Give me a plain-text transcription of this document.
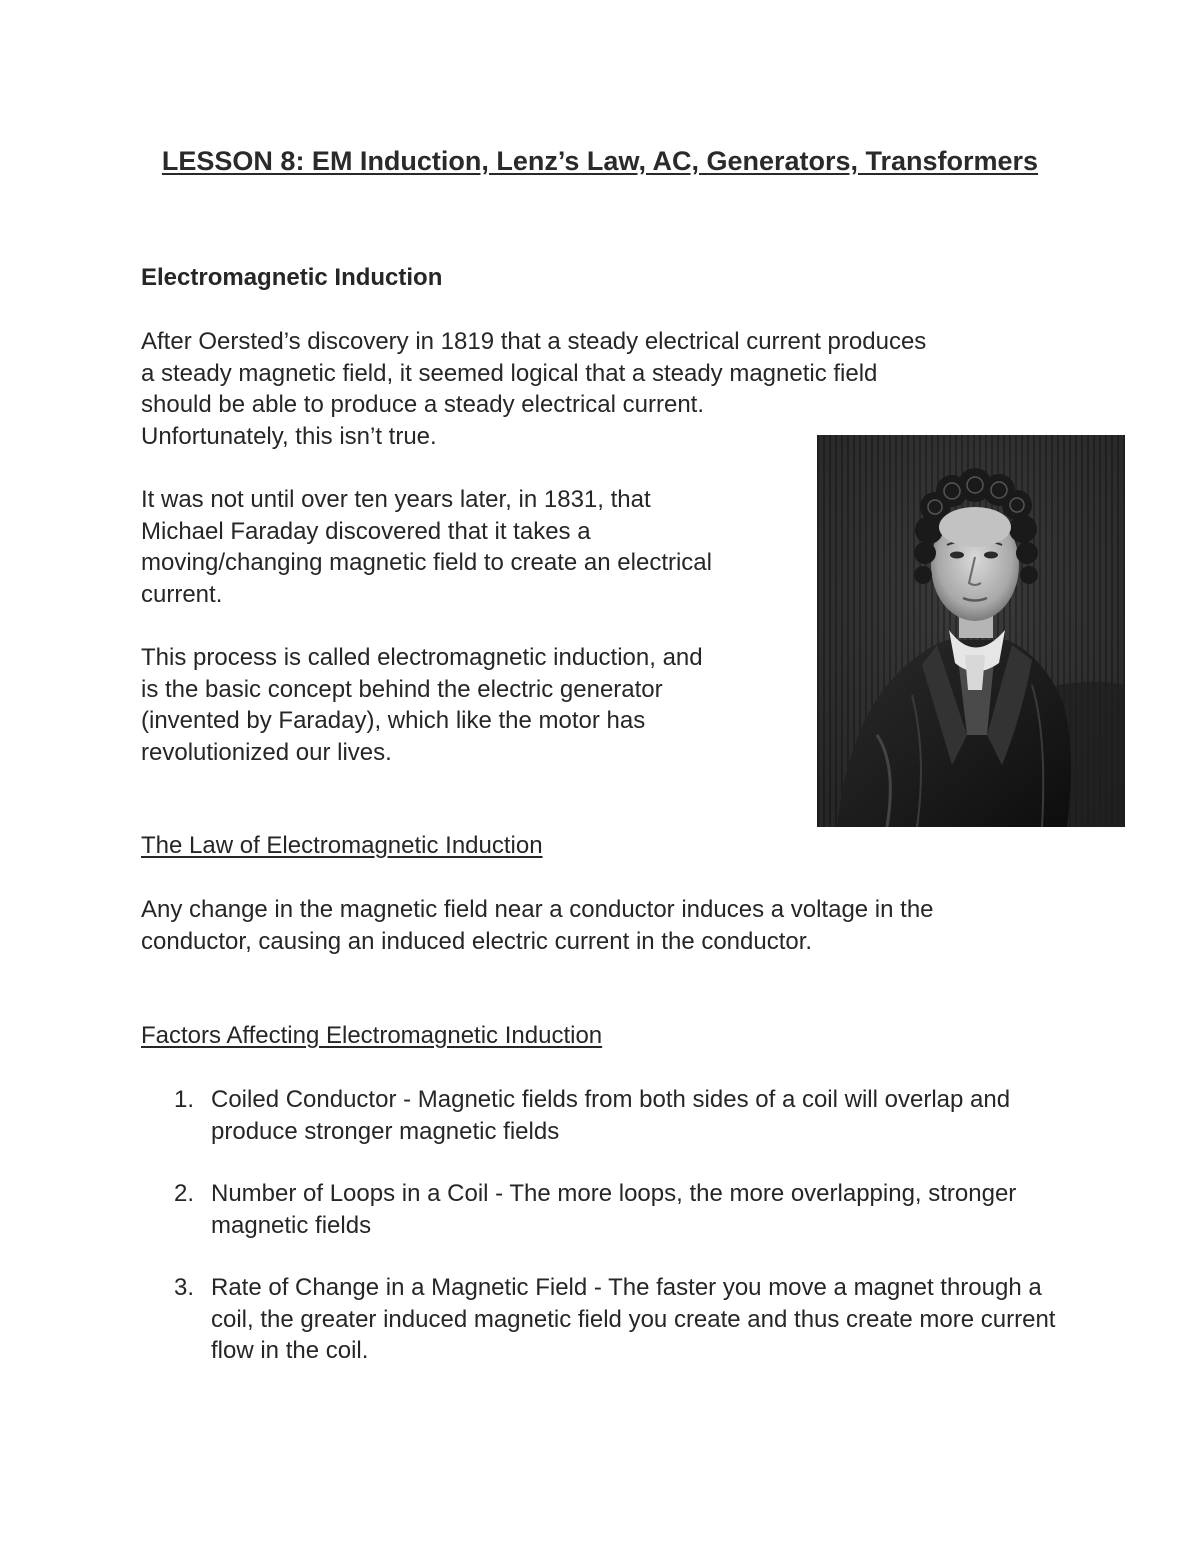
LESSON 8: EM Induction, Lenz’s Law, AC, Generators, Transformers
Electromagnetic Induction

After Oersted’s discovery in 1819 that a steady electrical current produces
a steady magnetic field, it seemed logical that a steady magnetic field
should be able to produce a steady electrical current.
Unfortunately, this isn’t true.

It was not until over ten years later, in 1831, that
Michael Faraday discovered that it takes a
moving/changing magnetic field to create an electrical
current.

This process is called electromagnetic induction, and
is the basic concept behind the electric generator
(invented by Faraday), which like the motor has
revolutionized our lives.

The Law of Electromagnetic Induction

Any change in the magnetic field near a conductor induces a voltage in the
conductor, causing an induced electric current in the conductor.

Factors Affecting Electromagnetic Induction
1. Coiled Conductor - Magnetic fields from both sides of a coil will overlap and produce stronger magnetic fields
2. Number of Loops in a Coil - The more loops, the more overlapping, stronger magnetic fields
3. Rate of Change in a Magnetic Field - The faster you move a magnet through a coil, the greater induced magnetic field you create and thus create more current flow in the coil.
